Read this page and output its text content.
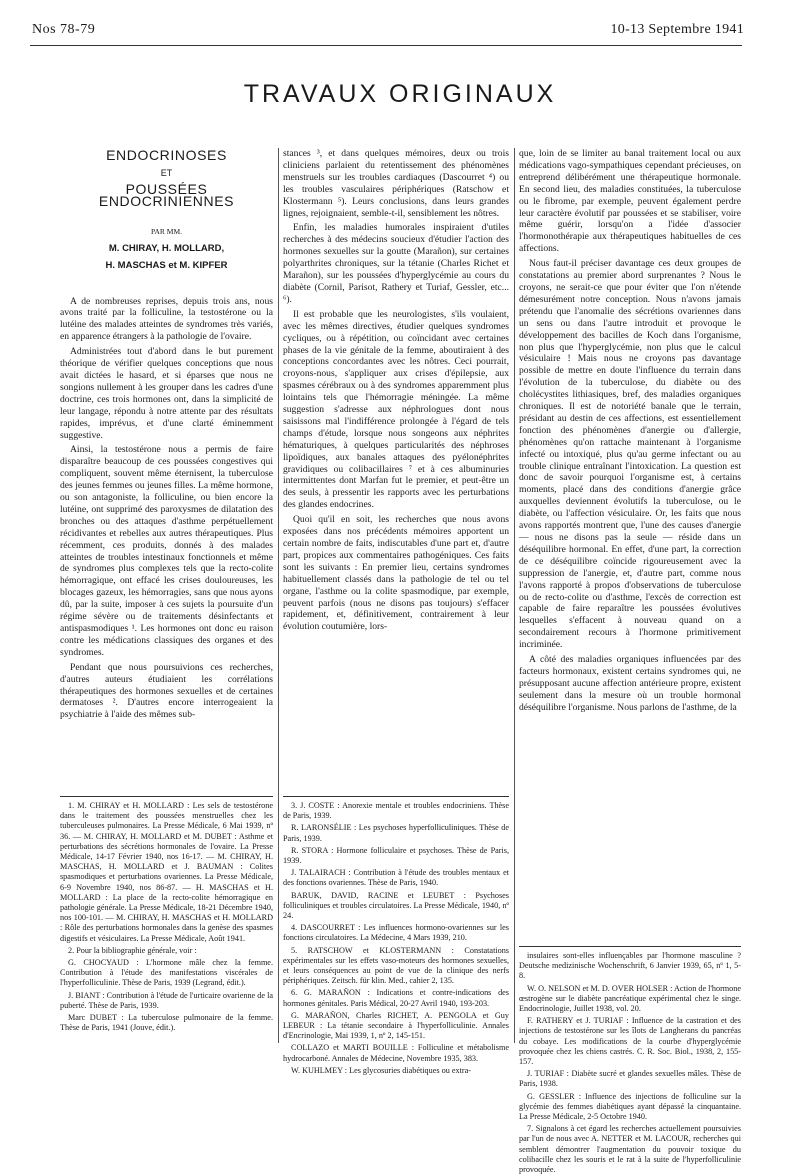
Nos 78-79	10-13 Septembre 1941
TRAVAUX ORIGINAUX
ENDOCRINOSES
ET
POUSSÉES ENDOCRINIENNES
PAR MM.
M. CHIRAY, H. MOLLARD,
H. MASCHAS et M. KIPFER

A de nombreuses reprises, depuis trois ans, nous avons traité par la folliculine, la testostérone ou la lutéine des malades atteintes de syndromes très variés, en apparence étrangers à la pathologie de l'ovaire.

Administrées tout d'abord dans le but purement théorique de vérifier quelques conceptions que nous avait dictées le hasard, et si éparses que nous ne songions nullement à les grouper dans les cadres d'une doctrine, ces trois hormones ont, dans la simplicité de leur langage, répondu à notre attente par des résultats rapides, imprévus, et d'une clarté éminemment suggestive.

Ainsi, la testostérone nous a permis de faire disparaître beaucoup de ces poussées congestives qui compliquent, souvent même éternisent, la tuberculose des jeunes femmes ou jeunes filles. La même hormone, ou son antagoniste, la folliculine, ou bien encore la lutéine, ont supprimé des paroxysmes de dilatation des bronches ou des attaques d'asthme perpétuellement récidivantes et rebelles aux autres thérapeutiques. Plus récemment, ces produits, donnés à des malades atteintes de troubles intestinaux fonctionnels et même de syndromes plus complexes tels que la recto-colite hémorragique, ont effacé les crises douloureuses, les blocages gazeux, les hémorragies, sans que nous ayons dû, par la suite, imposer à ces sujets la poursuite d'un régime sévère ou de traitements désinfectants et antispasmodiques ¹. Les hormones ont donc eu raison contre les médications classiques des organes et des syndromes.

Pendant que nous poursuivions ces recherches, d'autres auteurs étudiaient les corrélations thérapeutiques des hormones sexuelles et de certaines dermatoses ². D'autres encore interrogeaient la psychiatrie à l'aide des mêmes sub-

stances ³, et dans quelques mémoires, deux ou trois cliniciens parlaient du retentissement des phénomènes menstruels sur les troubles cardiaques (Dascourret ⁴) ou les troubles vasculaires périphériques (Ratschow et Klostermann ⁵). Leurs conclusions, dans leurs grandes lignes, rejoignaient, semble-t-il, sensiblement les nôtres.

Enfin, les maladies humorales inspiraient d'utiles recherches à des médecins soucieux d'étudier l'action des hormones sexuelles sur la goutte (Marañon), sur certaines polyarthrites chroniques, sur la tétanie (Charles Richet et Marañon), sur les poussées d'hyperglycémie au cours du diabète (Cornil, Parisot, Rathery et Turiaf, Gessler, etc... ⁶).

Il est probable que les neurologistes, s'ils voulaient, avec les mêmes directives, étudier quelques syndromes cycliques, ou à répétition, ou coïncidant avec certaines phases de la vie génitale de la femme, aboutiraient à des conceptions concordantes avec les nôtres. Ceci pourrait, croyons-nous, s'appliquer aux crises d'épilepsie, aux spasmes cérébraux ou à des syndromes apparemment plus lointains tels que l'hémorragie méningée. La même suggestion s'adresse aux néphrologues dont nous saisissons mal l'indifférence prolongée à l'égard de tels champs d'étude, lorsque nous songeons aux néphrites hématuriques, à quelques particularités des néphroses lipoïdiques, aux banales attaques des pyélonéphrites gravidiques ou colibacillaires ⁷ et à ces albuminuries intermittentes dont Marfan fut le premier, et peut-être un des seuls, à pressentir les rapports avec les perturbations des glandes endocrines.

Quoi qu'il en soit, les recherches que nous avons exposées dans nos précédents mémoires apportent un certain nombre de faits, indiscutables d'une part et, d'autre part, propices aux commentaires pathogéniques. Ces faits sont les suivants : En premier lieu, certains syndromes habituellement classés dans la pathologie de tel ou tel organe, l'asthme ou la colite spasmodique, par exemple, peuvent parfois (nous ne disons pas toujours) s'effacer rapidement, et, définitivement, contrairement à leur évolution coutumière, lors-

que, loin de se limiter au banal traitement local ou aux médications vago-sympathiques cependant précieuses, on entreprend délibérément une thérapeutique hormonale. En second lieu, des maladies constituées, la tuberculose ou le fibrome, par exemple, peuvent également perdre leur caractère évolutif par poussées et se stabiliser, voire même guérir, lorsqu'on a l'idée d'associer l'hormonothérapie aux thérapeutiques habituelles de ces affections.

Nous faut-il préciser davantage ces deux groupes de constatations au premier abord surprenantes ? Nous le croyons, ne serait-ce que pour éviter que l'on n'étende démesurément notre conception. Nous n'avons jamais prétendu que l'anomalie des sécrétions ovariennes dans un sens ou dans l'autre introduit et provoque le développement des bacilles de Koch dans l'organisme, non plus que l'hyperglycémie, non plus que le calcul vésiculaire ! Mais nous ne croyons pas davantage possible de mettre en doute l'influence du terrain dans l'évolution de la tuberculose, du diabète ou des cholécystites lithiasiques, bref, des maladies organiques chroniques. Il est de notoriété banale que le terrain, présidant au destin de ces affections, est essentiellement fonction des phénomènes d'anergie ou d'allergie, phénomènes qu'on rattache maintenant à l'organisme infecté ou intoxiqué, plus qu'au germe infectant ou au trouble clinique entraînant l'intoxication. La question est donc de savoir pourquoi l'organisme est, à certains moments, placé dans des conditions d'anergie grâce auxquelles deviennent évolutifs la tuberculose, ou le diabète, ou l'affection vésiculaire. Or, les faits que nous avons rapportés montrent que, l'une des causes d'anergie — nous ne disons pas la seule — réside dans un déséquilibre hormonal. En effet, d'une part, la correction de ce déséquilibre coïncide rigoureusement avec la suppression de l'anergie, et, d'autre part, comme nous l'avons rapporté à propos d'observations de tuberculose ou de recto-colite ou d'asthme, l'excès de correction est capable de faire reparaître les poussées évolutives lesquelles s'effacent à nouveau quand on a secondairement recours à l'hormone primitivement incriminée.

A côté des maladies organiques influencées par des facteurs hormonaux, existent certains syndromes qui, ne présupposant aucune affection antérieure propre, existent seulement dans la mesure où un trouble hormonal déséquilibre l'organisme. Nous parlons de l'asthme, de la

1. M. CHIRAY et H. MOLLARD : Les sels de testostérone dans le traitement des poussées menstruelles chez les tuberculeuses pulmonaires. La Presse Médicale, 6 Mai 1939, nº 36. — M. CHIRAY, H. MOLLARD et M. DUBET : Asthme et perturbations des sécrétions hormonales de l'ovaire. La Presse Médicale, 14-17 Février 1940, nos 16-17. — M. CHIRAY, H. MASCHAS, H. MOLLARD et J. BAUMAN : Colites spasmodiques et perturbations ovariennes. La Presse Médicale, 6-9 Novembre 1940, nos 86-87. — H. MASCHAS et H. MOLLARD : La place de la recto-colite hémorragique en pathologie générale. La Presse Médicale, 18-21 Décembre 1940, nos 100-101. — M. CHIRAY, H. MASCHAS et H. MOLLARD : Rôle des perturbations hormonales dans la genèse des spasmes digestifs et vésiculaires. La Presse Médicale, Août 1941.

2. Pour la bibliographie générale, voir :

G. CHOCYAUD : L'hormone mâle chez la femme. Contribution à l'étude des manifestations viscérales de l'hyperfolliculinie. Thèse de Paris, 1939 (Legrand, édit.).

J. BIANT : Contribution à l'étude de l'urticaire ovarienne de la puberté. Thèse de Paris, 1939.

Marc DUBET : La tuberculose pulmonaire de la femme. Thèse de Paris, 1941 (Jouve, édit.).

3. J. COSTE : Anorexie mentale et troubles endocriniens. Thèse de Paris, 1939.

R. LARONSÉLIE : Les psychoses hyperfolliculiniques. Thèse de Paris, 1939.

R. STORA : Hormone folliculaire et psychoses. Thèse de Paris, 1939.

J. TALAIRACH : Contribution à l'étude des troubles mentaux et des fonctions ovariennes. Thèse de Paris, 1940.

BARUK, DAVID, RACINE et LEUBET : Psychoses folliculiniques et troubles circulatoires. La Presse Médicale, 1940, nº 24.

4. DASCOURRET : Les influences hormono-ovariennes sur les fonctions circulatoires. La Médecine, 4 Mars 1939, 210.

5. RATSCHOW et KLOSTERMANN : Constatations expérimentales sur les effets vaso-moteurs des hormones sexuelles, et leurs conséquences au point de vue de la clinique des nerfs périphériques. Zeitsch. für klin. Med., cahier 2, 135.

6. G. MARAÑON : Indications et contre-indications des hormones génitales. Paris Médical, 20-27 Avril 1940, 193-203.

G. MARAÑON, Charles RICHET, A. PENGOLA et Guy LEBEUR : La tétanie secondaire à l'hyperfolliculinie. Annales d'Encrinologie, Mai 1939, 1, nº 2, 145-151.

COLLAZO et MARTI BOUILLE : Folliculine et métabolisme hydrocarboné. Annales de Médecine, Novembre 1935, 383.

W. KUHLMEY : Les glycosuries diabétiques ou extra-

insulaires sont-elles influençables par l'hormone masculine ? Deutsche medizinische Wochenschrift, 6 Janvier 1939, 65, nº 1, 5-8.

W. O. NELSON et M. D. OVER HOLSER : Action de l'hormone œstrogène sur le diabète pancréatique expérimental chez le singe. Endocrinologie, Juillet 1938, vol. 20.

F. RATHERY et J. TURIAF : Influence de la castration et des injections de testostérone sur les îlots de Langherans du pancréas du cobaye. Les modifications de la courbe d'hyperglycémie provoquée chez les chiens castrés. C. R. Soc. Biol., 1938, 2, 155-157.

J. TURIAF : Diabète sucré et glandes sexuelles mâles. Thèse de Paris, 1938.

G. GESSLER : Influence des injections de folliculine sur la glycémie des femmes diabétiques ayant dépassé la cinquantaine. La Presse Médicale, 2-5 Octobre 1940.

7. Signalons à cet égard les recherches actuellement poursuivies par l'un de nous avec A. NETTER et M. LACOUR, recherches qui semblent démontrer l'augmentation du pouvoir toxique du colibacille chez les souris et le rat à la suite de l'hyperfolliculinie provoquée.
